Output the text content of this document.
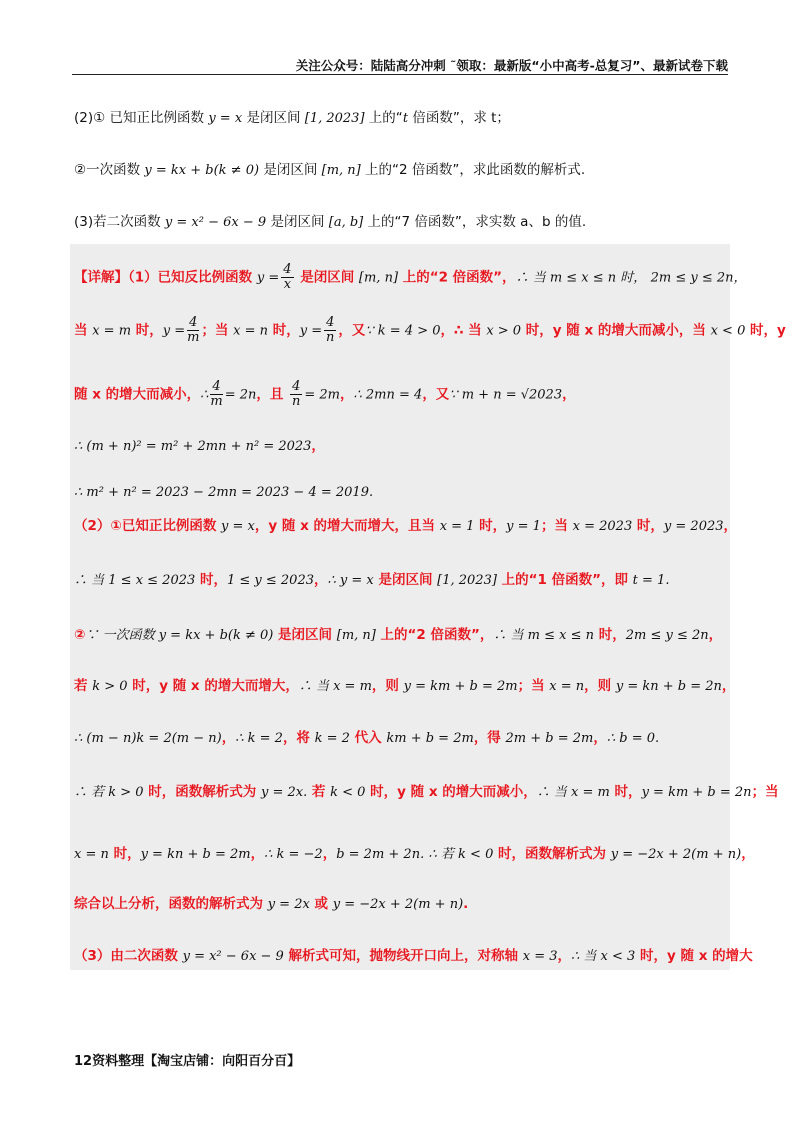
关注公众号：陆陆高分冲刺 ˜领取：最新版“小中高考-总复习”、最新试卷下载
(2)① 已知正比例函数 y = x 是闭区间 [1, 2023] 上的“t 倍函数”，求 t；
②一次函数 y = kx + b(k ≠ 0) 是闭区间 [m, n] 上的“2 倍函数”，求此函数的解析式.
(3)若二次函数 y = x² − 6x − 9 是闭区间 [a, b] 上的“7 倍函数”，求实数 a、b 的值.
【详解】（1）已知反比例函数 $y = \frac{4}{x}$ 是闭区间 [m, n] 上的“2 倍函数”，∴ 当 m ≤ x ≤ n 时， 2m ≤ y ≤ 2n，
当 x = m 时，$y = \frac{4}{m}$ ；当 x = n 时，$y = \frac{4}{n}$ ，又∵ k = 4 > 0，∴ 当 x > 0 时，y 随 x 的增大而减小，当 x < 0 时，y
随 x 的增大而减小，∴ $\frac{4}{m} = 2n$，且 $\frac{4}{n} = 2m$，∴ 2mn = 4，又∵ m + n = √2023，
∴ (m + n)² = m² + 2mn + n² = 2023，
∴ m² + n² = 2023 − 2mn = 2023 − 4 = 2019.
（2）①已知正比例函数 y = x，y 随 x 的增大而增大，且当 x = 1 时，y = 1；当 x = 2023 时，y = 2023，
∴ 当 1 ≤ x ≤ 2023 时，1 ≤ y ≤ 2023，∴ y = x 是闭区间 [1, 2023] 上的“1 倍函数”，即 t = 1.
②∵ 一次函数 y = kx + b(k ≠ 0) 是闭区间 [m, n] 上的“2 倍函数”，∴ 当 m ≤ x ≤ n 时，2m ≤ y ≤ 2n，
若 k > 0 时，y 随 x 的增大而增大，∴ 当 x = m，则 y = km + b = 2m；当 x = n，则 y = kn + b = 2n，
∴ (m − n)k = 2(m − n)，∴ k = 2，将 k = 2 代入 km + b = 2m，得 2m + b = 2m，∴ b = 0.
∴ 若 k > 0 时，函数解析式为 y = 2x. 若 k < 0 时，y 随 x 的增大而减小，∴ 当 x = m 时，y = km + b = 2n；当
x = n 时，y = kn + b = 2m，∴ k = −2，b = 2m + 2n. ∴ 若 k < 0 时，函数解析式为 y = −2x + 2(m + n)，
综合以上分析，函数的解析式为 y = 2x 或 y = −2x + 2(m + n).
（3）由二次函数 y = x² − 6x − 9 解析式可知，抛物线开口向上，对称轴 x = 3，∴ 当 x < 3 时，y 随 x 的增大
12资料整理【淘宝店铺：向阳百分百】
